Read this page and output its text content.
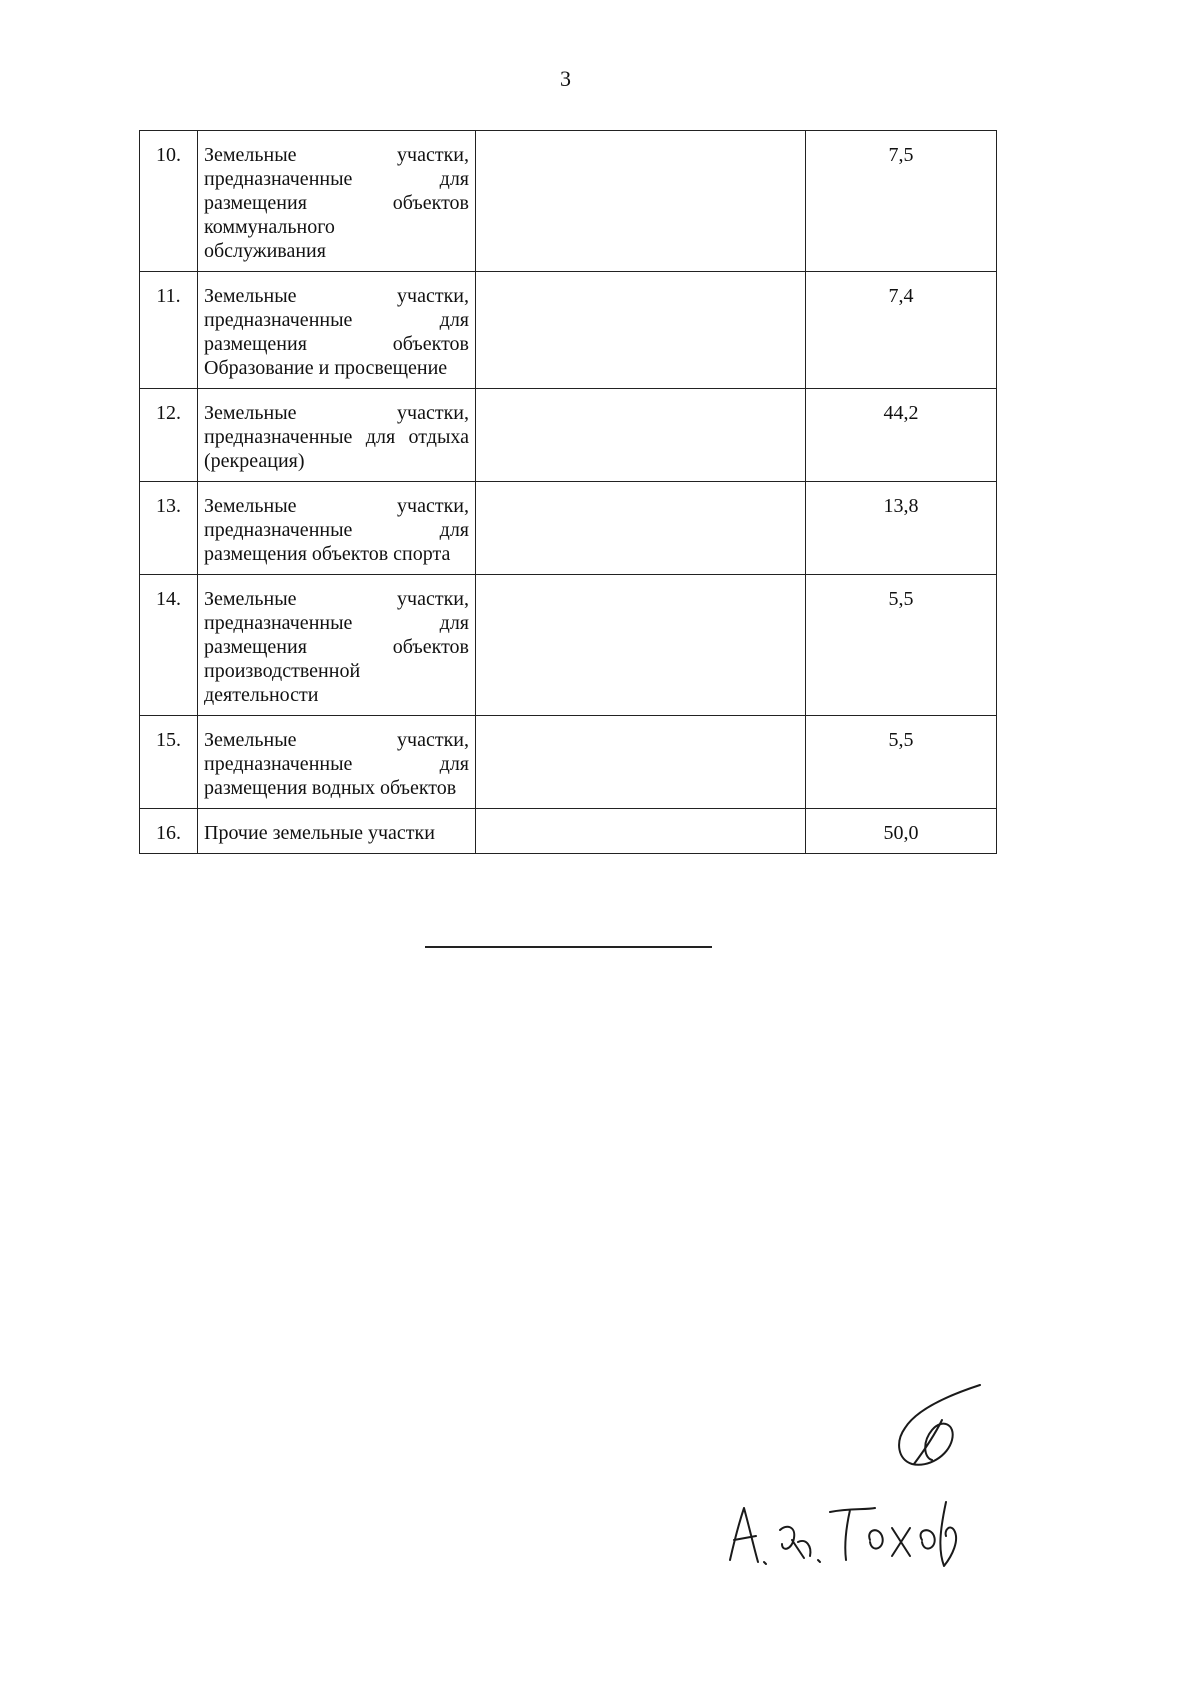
3
10.	Земельные участки,
предназначенные для
размещения объектов
коммунального
обслуживания		7,5
11.	Земельные участки,
предназначенные для
размещения объектов
Образование и просвещение		7,4
12.	Земельные участки,
предназначенные для отдыха
(рекреация)		44,2
13.	Земельные участки,
предназначенные для
размещения объектов спорта		13,8
14.	Земельные участки,
предназначенные для
размещения объектов
производственной
деятельности		5,5
15.	Земельные участки,
предназначенные для
размещения водных объектов		5,5
16.	Прочие земельные участки		50,0
